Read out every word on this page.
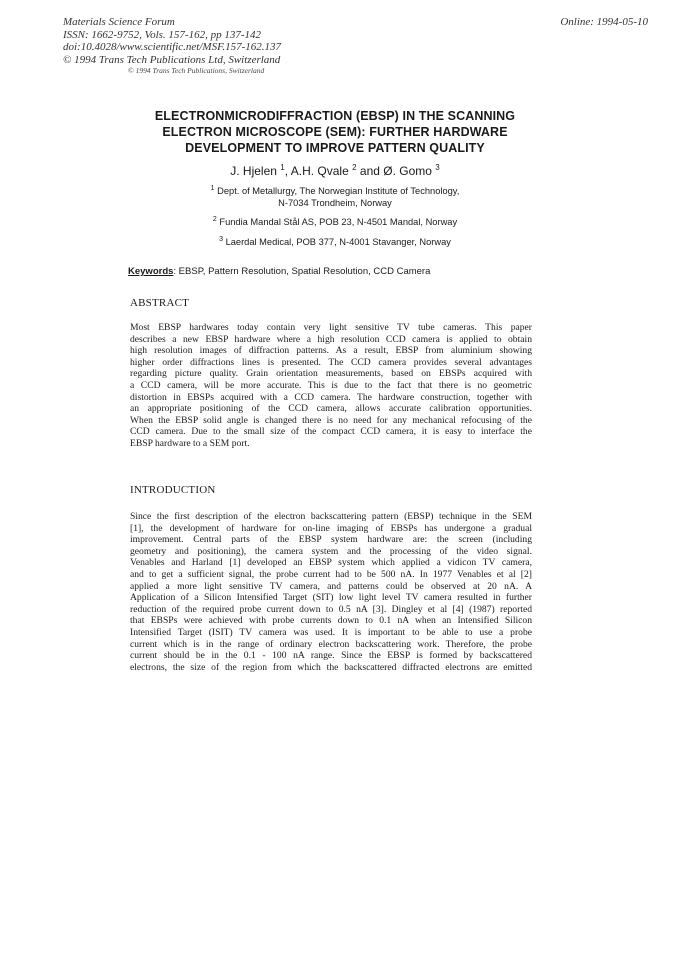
Materials Science Forum
ISSN: 1662-9752, Vols. 157-162, pp 137-142
doi:10.4028/www.scientific.net/MSF.157-162.137
© 1994 Trans Tech Publications Ltd, Switzerland
Online: 1994-05-10
© 1994 Trans Tech Publications, Switzerland
ELECTRONMICRODIFFRACTION (EBSP) IN THE SCANNING
ELECTRON MICROSCOPE (SEM): FURTHER HARDWARE
DEVELOPMENT TO IMPROVE PATTERN QUALITY
J. Hjelen $^1$, A.H. Qvale $^2$ and Ø. Gomo $^3$
$^1$ Dept. of Metallurgy, The Norwegian Institute of Technology,
N-7034 Trondheim, Norway
$^2$ Fundia Mandal Stål AS, POB 23, N-4501 Mandal, Norway
$^3$ Laerdal Medical, POB 377, N-4001 Stavanger, Norway
Keywords: EBSP, Pattern Resolution, Spatial Resolution, CCD Camera
ABSTRACT
Most EBSP hardwares today contain very light sensitive TV tube cameras. This paper
describes a new EBSP hardware where a high resolution CCD camera is applied to obtain
high resolution images of diffraction patterns. As a result, EBSP from aluminium showing
higher order diffractions lines is presented. The CCD camera provides several advantages
regarding picture quality. Grain orientation measurements, based on EBSPs acquired with
a CCD camera, will be more accurate. This is due to the fact that there is no geometric
distortion in EBSPs acquired with a CCD camera. The hardware construction, together with
an appropriate positioning of the CCD camera, allows accurate calibration opportunities.
When the EBSP solid angle is changed there is no need for any mechanical refocusing of the
CCD camera. Due to the small size of the compact CCD camera, it is easy to interface the
EBSP hardware to a SEM port.
INTRODUCTION
Since the first description of the electron backscattering pattern (EBSP) technique in the SEM
[1], the development of hardware for on-line imaging of EBSPs has undergone a gradual
improvement. Central parts of the EBSP system hardware are: the screen (including
geometry and positioning), the camera system and the processing of the video signal.
Venables and Harland [1] developed an EBSP system which applied a vidicon TV camera,
and to get a sufficient signal, the probe current had to be 500 nA. In 1977 Venables et al [2]
applied a more light sensitive TV camera, and patterns could be observed at 20 nA. A
Application of a Silicon Intensified Target (SIT) low light level TV camera resulted in further
reduction of the required probe current down to 0.5 nA [3]. Dingley et al [4] (1987) reported
that EBSPs were achieved with probe currents down to 0.1 nA when an Intensified Silicon
Intensified Target (ISIT) TV camera was used. It is important to be able to use a probe
current which is in the range of ordinary electron backscattering work. Therefore, the probe
current should be in the 0.1 - 100 nA range. Since the EBSP is formed by backscattered
electrons, the size of the region from which the backscattered diffracted electrons are emitted
